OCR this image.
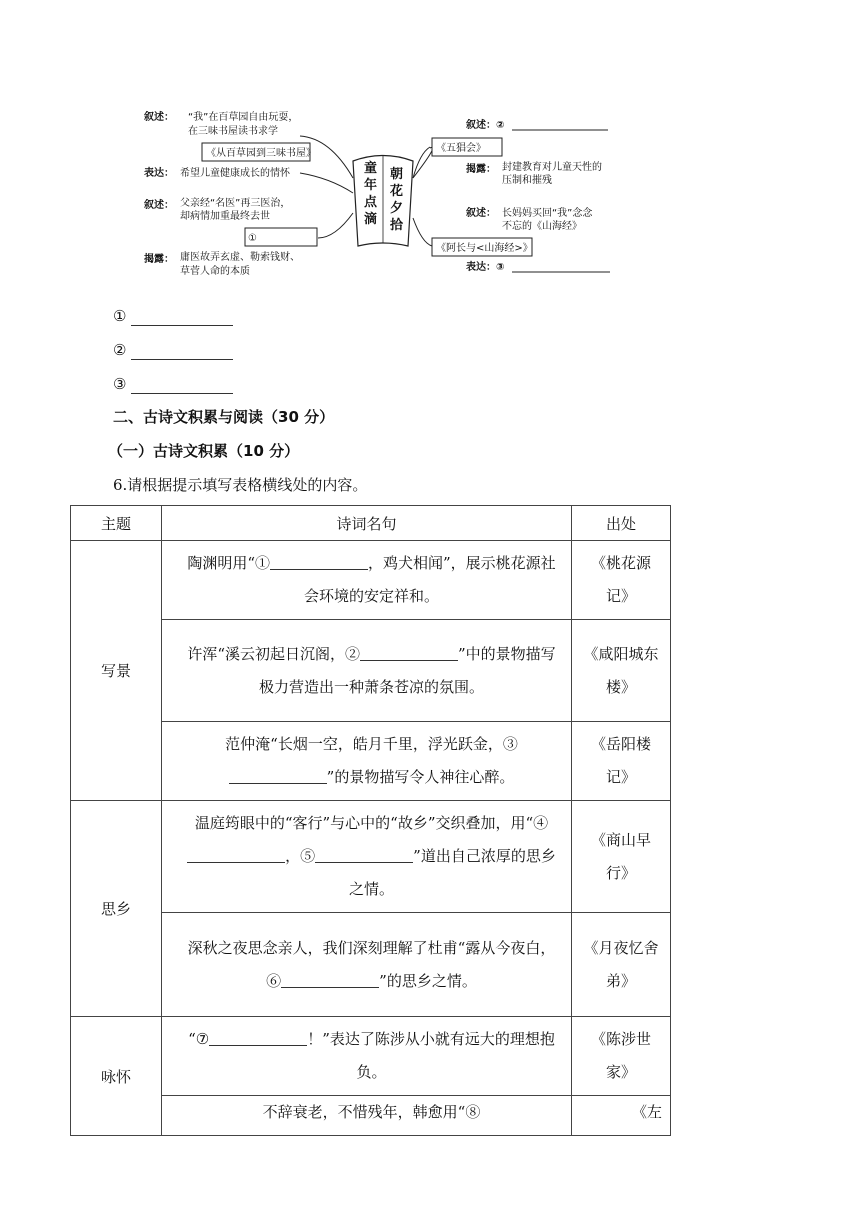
朝
花
夕
拾
童
年
点
滴
叙述： “我”在百草园自由玩耍，
在三味书屋读书求学
《从百草园到三味书屋》
表达： 希望儿童健康成长的情怀
叙述： 父亲经“名医”再三医治，
却病情加重最终去世
①
揭露： 庸医故弄玄虚、勒索钱财、
草菅人命的本质
叙述：②
《五猖会》
揭露： 封建教育对儿童天性的
压制和摧残
叙述： 长妈妈买回“我”念念
不忘的《山海经》
《阿长与<山海经>》
表达：③
①
②
③
二、古诗文积累与阅读（30 分）
（一）古诗文积累（10 分）
6.请根据提示填写表格横线处的内容。
主题	诗词名句	出处
写景	陶渊明用“① ，鸡犬相闻”，展示桃花源社会环境的安定祥和。	《桃花源记》
	许浑“溪云初起日沉阁，② ”中的景物描写极力营造出一种萧条苍凉的氛围。	《咸阳城东楼》
	范仲淹“长烟一空，皓月千里，浮光跃金，③”的景物描写令人神往心醉。	《岳阳楼记》
思乡	温庭筠眼中的“客行”与心中的“故乡”交织叠加，用“④，⑤ ”道出自己浓厚的思乡之情。	《商山早行》
	深秋之夜思念亲人，我们深刻理解了杜甫“露从今夜白，⑥ ”的思乡之情。	《月夜忆舍弟》
咏怀	“⑦ ！”表达了陈涉从小就有远大的理想抱负。	《陈涉世家》
	不辞衰老，不惜残年，韩愈用“⑧	《左
